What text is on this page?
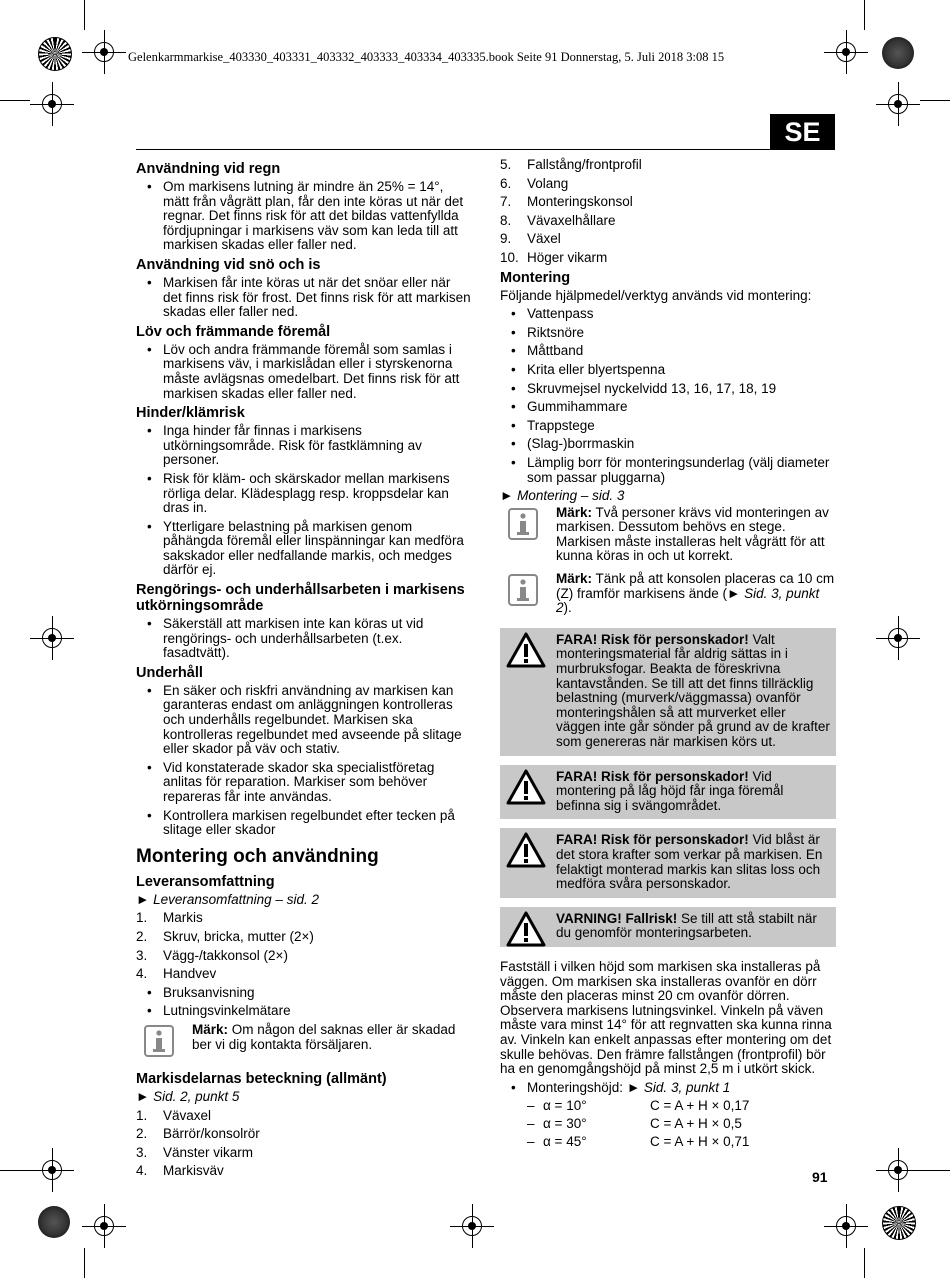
Gelenkarmmarkise_403330_403331_403332_403333_403334_403335.book Seite 91 Donnerstag, 5. Juli 2018 3:08 15
SE
Användning vid regn
• Om markisens lutning är mindre än 25% = 14°, mätt från vågrätt plan, får den inte köras ut när det regnar. Det finns risk för att det bildas vattenfyllda fördjupningar i markisens väv som kan leda till att markisen skadas eller faller ned.
Användning vid snö och is
• Markisen får inte köras ut när det snöar eller när det finns risk för frost. Det finns risk för att markisen skadas eller faller ned.
Löv och främmande föremål
• Löv och andra främmande föremål som samlas i markisens väv, i markislådan eller i styrskenorna måste avlägsnas omedelbart. Det finns risk för att markisen skadas eller faller ned.
Hinder/klämrisk
• Inga hinder får finnas i markisens utkörningsområde. Risk för fastklämning av personer.
• Risk för kläm- och skärskador mellan markisens rörliga delar. Klädesplagg resp. kroppsdelar kan dras in.
• Ytterligare belastning på markisen genom påhängda föremål eller linspänningar kan medföra sakskador eller nedfallande markis, och medges därför ej.
Rengörings- och underhållsarbeten i markisens utkörningsområde
• Säkerställ att markisen inte kan köras ut vid rengörings- och underhållsarbeten (t.ex. fasadtvätt).
Underhåll
• En säker och riskfri användning av markisen kan garanteras endast om anläggningen kontrolleras och underhålls regelbundet. Markisen ska kontrolleras regelbundet med avseende på slitage eller skador på väv och stativ.
• Vid konstaterade skador ska specialistföretag anlitas för reparation. Markiser som behöver repareras får inte användas.
• Kontrollera markisen regelbundet efter tecken på slitage eller skador
Montering och användning
Leveransomfattning
► Leveransomfattning – sid. 2
1. Markis
2. Skruv, bricka, mutter (2×)
3. Vägg-/takkonsol (2×)
4. Handvev
• Bruksanvisning
• Lutningsvinkelmätare
Märk: Om någon del saknas eller är skadad ber vi dig kontakta försäljaren.
Markisdelarnas beteckning (allmänt)
► Sid. 2, punkt 5
1. Vävaxel
2. Bärrör/konsolrör
3. Vänster vikarm
4. Markisväv
5. Fallstång/frontprofil
6. Volang
7. Monteringskonsol
8. Vävaxelhållare
9. Växel
10. Höger vikarm
Montering
Följande hjälpmedel/verktyg används vid montering:
• Vattenpass
• Riktsnöre
• Måttband
• Krita eller blyertspenna
• Skruvmejsel nyckelvidd 13, 16, 17, 18, 19
• Gummihammare
• Trappstege
• (Slag-)borrmaskin
• Lämplig borr för monteringsunderlag (välj diameter som passar pluggarna)
► Montering – sid. 3
Märk: Två personer krävs vid monteringen av markisen. Dessutom behövs en stege. Markisen måste installeras helt vågrätt för att kunna köras in och ut korrekt.
Märk: Tänk på att konsolen placeras ca 10 cm (Z) framför markisens ände (► Sid. 3, punkt 2).
FARA! Risk för personskador! Valt monteringsmaterial får aldrig sättas in i murbruksfogar. Beakta de föreskrivna kantavstånden. Se till att det finns tillräcklig belastning (murverk/väggmassa) ovanför monteringshålen så att murverket eller väggen inte går sönder på grund av de krafter som genereras när markisen körs ut.
FARA! Risk för personskador! Vid montering på låg höjd får inga föremål befinna sig i svängområdet.
FARA! Risk för personskador! Vid blåst är det stora krafter som verkar på markisen. En felaktigt monterad markis kan slitas loss och medföra svåra personskador.
VARNING! Fallrisk! Se till att stå stabilt när du genomför monteringsarbeten.
Fastställ i vilken höjd som markisen ska installeras på väggen. Om markisen ska installeras ovanför en dörr måste den placeras minst 20 cm ovanför dörren. Observera markisens lutningsvinkel. Vinkeln på väven måste vara minst 14° för att regnvatten ska kunna rinna av. Vinkeln kan enkelt anpassas efter montering om det skulle behövas. Den främre fallstången (frontprofil) bör ha en genomgångshöjd på minst 2,5 m i utkört skick.
• Monteringshöjd: ► Sid. 3, punkt 1
– α = 10°	C = A + H × 0,17
– α = 30°	C = A + H × 0,5
– α = 45°	C = A + H × 0,71
91
